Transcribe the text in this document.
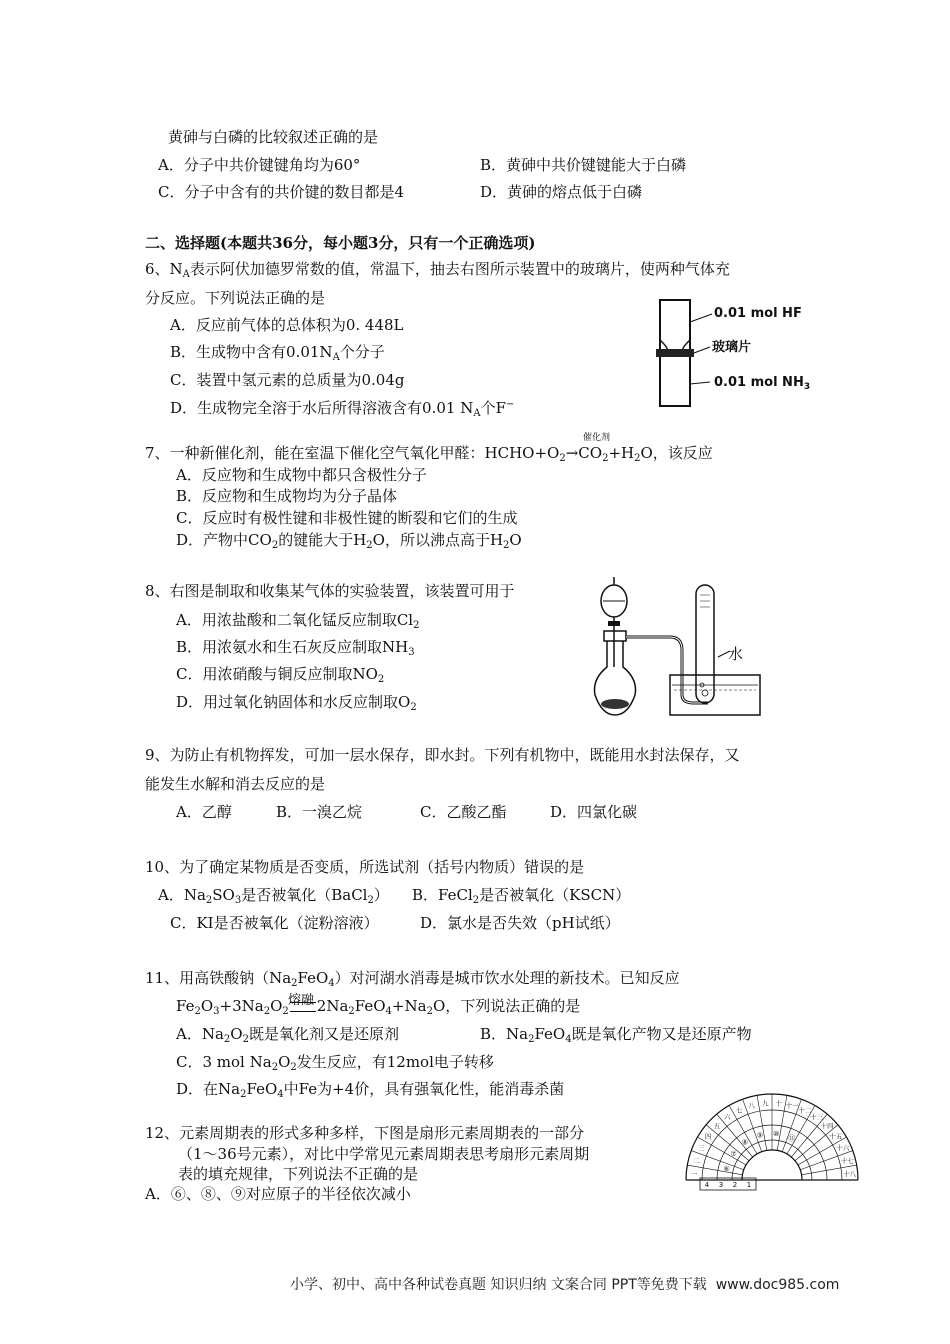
黄砷与白磷的比较叙述正确的是
A．分子中共价键键角均为60°	B．黄砷中共价键键能大于白磷
C．分子中含有的共价键的数目都是4	D．黄砷的熔点低于白磷
二、选择题(本题共36分，每小题3分，只有一个正确选项)
6、$N_A$表示阿伏加德罗常数的值，常温下，抽去右图所示装置中的玻璃片，使两种气体充
分反应。下列说法正确的是
A．反应前气体的总体积为0. 448L
B．生成物中含有$0.01N_A$个分子
C．装置中氢元素的总质量为0.04g
D．生成物完全溶于水后所得溶液含有0.01 $N_A$个F−
0.01 mol HF
玻璃片
0.01 mol $NH_3$
催化剂
7、一种新催化剂，能在室温下催化空气氧化甲醛：$HCHO+O_2\to CO_2+H_2O$，该反应
A．反应物和生成物中都只含极性分子
B．反应物和生成物均为分子晶体
C．反应时有极性键和非极性键的断裂和它们的生成
D．产物中$CO_2$的键能大于$H_2O$，所以沸点高于$H_2O$
8、右图是制取和收集某气体的实验装置，该装置可用于
A．用浓盐酸和二氧化锰反应制取$Cl_2$
B．用浓氨水和生石灰反应制取$NH_3$
C．用浓硝酸与铜反应制取$NO_2$
D．用过氧化钠固体和水反应制取$O_2$
水
9、为防止有机物挥发，可加一层水保存，即水封。下列有机物中，既能用水封法保存，又
能发生水解和消去反应的是
A．乙醇	B．一溴乙烷	C．乙酸乙酯	D．四氯化碳
10、为了确定某物质是否变质，所选试剂（括号内物质）错误的是
A．$Na_2SO_3$是否被氧化（BaCl$_2$） B．FeCl$_2$是否被氧化（KSCN）
C．KI是否被氧化（淀粉溶液）	D．氯水是否失效（pH试纸）
11、用高铁酸钠$(Na_2FeO_4)$对河湖水消毒是城市饮水处理的新技术。已知反应
熔融
$Fe_2O_3+3Na_2O_2$ $2Na_2FeO_4+Na_2O$，下列说法正确的是
A．$Na_2O_2$既是氧化剂又是还原剂	B．$Na_2FeO_4$既是氧化产物又是还原产物
C．3 mol $Na_2O_2$发生反应，有12mol电子转移
D．在$Na_2FeO_4$中Fe为+4价，具有强氧化性，能消毒杀菌
12、元素周期表的形式多种多样，下图是扇形元素周期表的一部分
（1～36号元素），对比中学常见元素周期表思考扇形元素周期
表的填充规律，下列说法不正确的是
A．⑥、⑧、⑨对应原子的半径依次减小
一
二
三
四
五
六
七
八 九 十 十一
十二
十三
十四
十五
十六
十七
十八
⑥
⑦
⑧
⑨ ⑩
⑪
4 3 2 1
小学、初中、高中各种试卷真题 知识归纳 文案合同 PPT等免费下载 www.doc985.com
